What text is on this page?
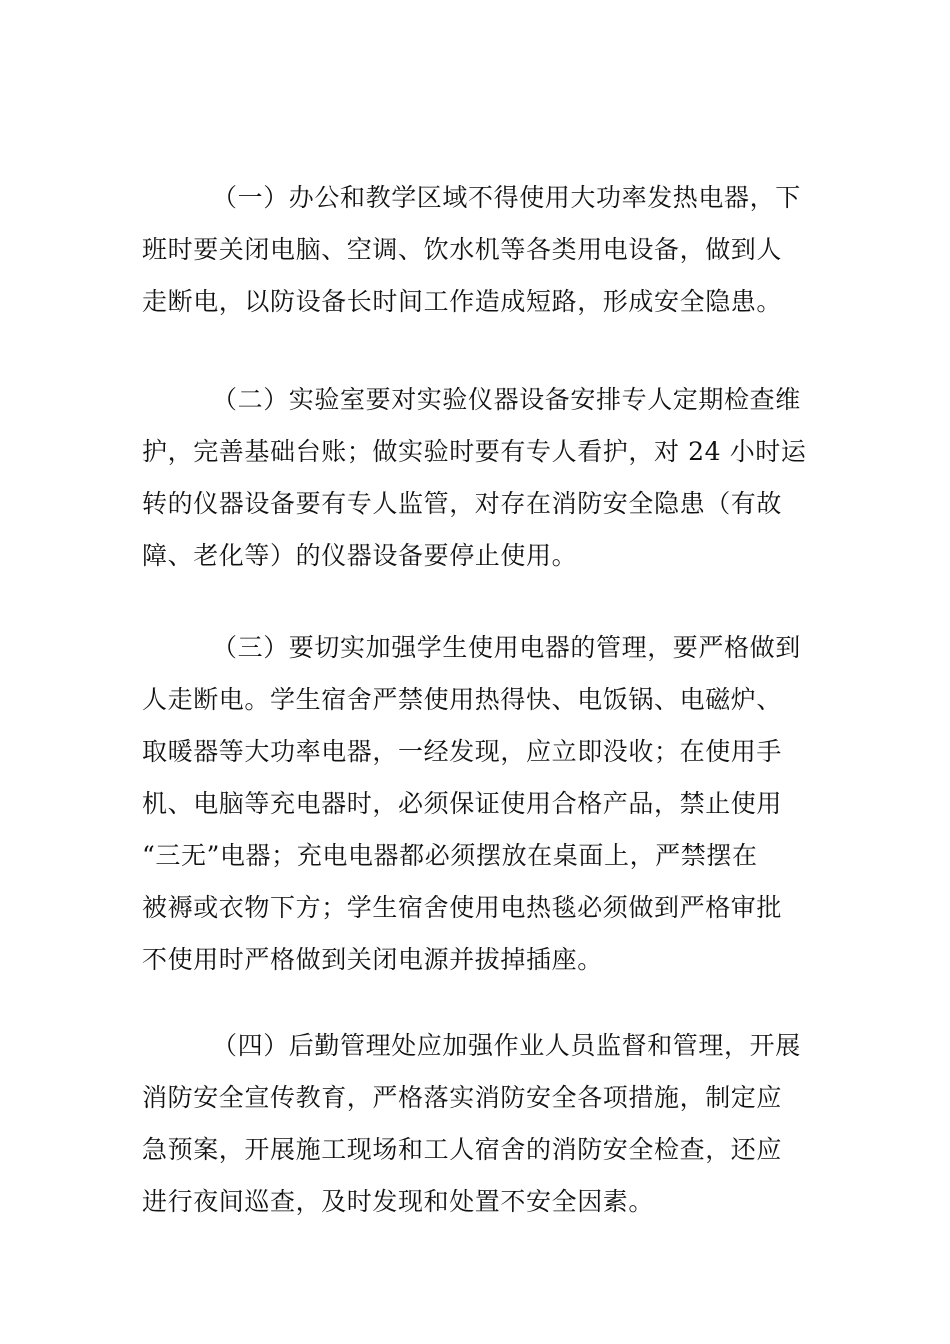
（一）办公和教学区域不得使用大功率发热电器，下
班时要关闭电脑、空调、饮水机等各类用电设备，做到人
走断电，以防设备长时间工作造成短路，形成安全隐患。
（二）实验室要对实验仪器设备安排专人定期检查维
护，完善基础台账；做实验时要有专人看护，对 24 小时运
转的仪器设备要有专人监管，对存在消防安全隐患（有故
障、老化等）的仪器设备要停止使用。
（三）要切实加强学生使用电器的管理，要严格做到
人走断电。学生宿舍严禁使用热得快、电饭锅、电磁炉、
取暖器等大功率电器，一经发现，应立即没收；在使用手
机、电脑等充电器时，必须保证使用合格产品，禁止使用
“三无”电器；充电电器都必须摆放在桌面上，严禁摆在
被褥或衣物下方；学生宿舍使用电热毯必须做到严格审批
不使用时严格做到关闭电源并拔掉插座。
（四）后勤管理处应加强作业人员监督和管理，开展
消防安全宣传教育，严格落实消防安全各项措施，制定应
急预案，开展施工现场和工人宿舍的消防安全检查，还应
进行夜间巡查，及时发现和处置不安全因素。
